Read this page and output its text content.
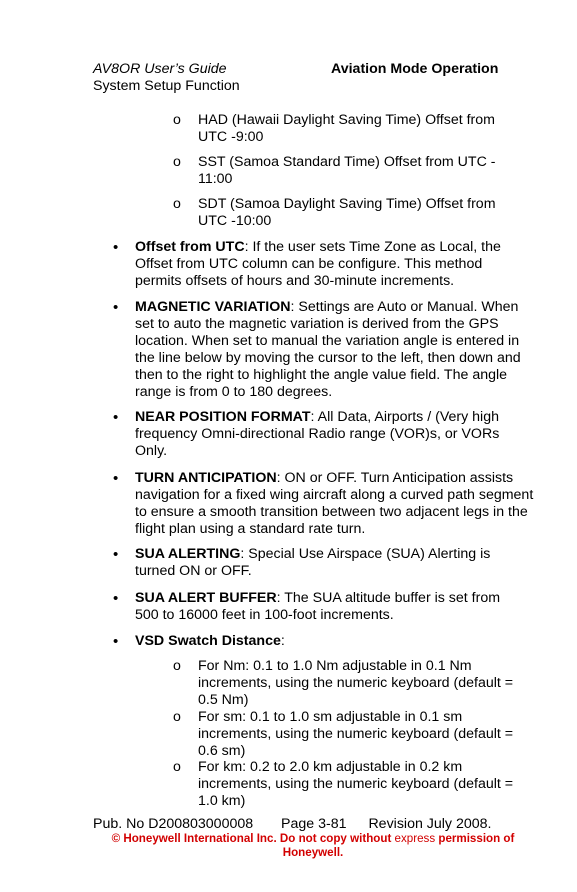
AV8OR User’s Guide
System Setup Function
Aviation Mode Operation
o HAD (Hawaii Daylight Saving Time) Offset from UTC -9:00
o SST (Samoa Standard Time) Offset from UTC - 11:00
o SDT (Samoa Daylight Saving Time) Offset from UTC -10:00
• Offset from UTC: If the user sets Time Zone as Local, the Offset from UTC column can be configure. This method permits offsets of hours and 30-minute increments.
• MAGNETIC VARIATION: Settings are Auto or Manual. When set to auto the magnetic variation is derived from the GPS location. When set to manual the variation angle is entered in the line below by moving the cursor to the left, then down and then to the right to highlight the angle value field. The angle range is from 0 to 180 degrees.
• NEAR POSITION FORMAT: All Data, Airports / (Very high frequency Omni-directional Radio range (VOR)s, or VORs Only.
• TURN ANTICIPATION: ON or OFF. Turn Anticipation assists navigation for a fixed wing aircraft along a curved path segment to ensure a smooth transition between two adjacent legs in the flight plan using a standard rate turn.
• SUA ALERTING: Special Use Airspace (SUA) Alerting is turned ON or OFF.
• SUA ALERT BUFFER: The SUA altitude buffer is set from 500 to 16000 feet in 100-foot increments.
• VSD Swatch Distance:
o For Nm: 0.1 to 1.0 Nm adjustable in 0.1 Nm increments, using the numeric keyboard (default = 0.5 Nm)
o For sm: 0.1 to 1.0 sm adjustable in 0.1 sm increments, using the numeric keyboard (default = 0.6 sm)
o For km: 0.2 to 2.0 km adjustable in 0.2 km increments, using the numeric keyboard (default = 1.0 km)
Pub. No D200803000008 Page 3-81 Revision July 2008.
© Honeywell International Inc. Do not copy without express permission of Honeywell.
